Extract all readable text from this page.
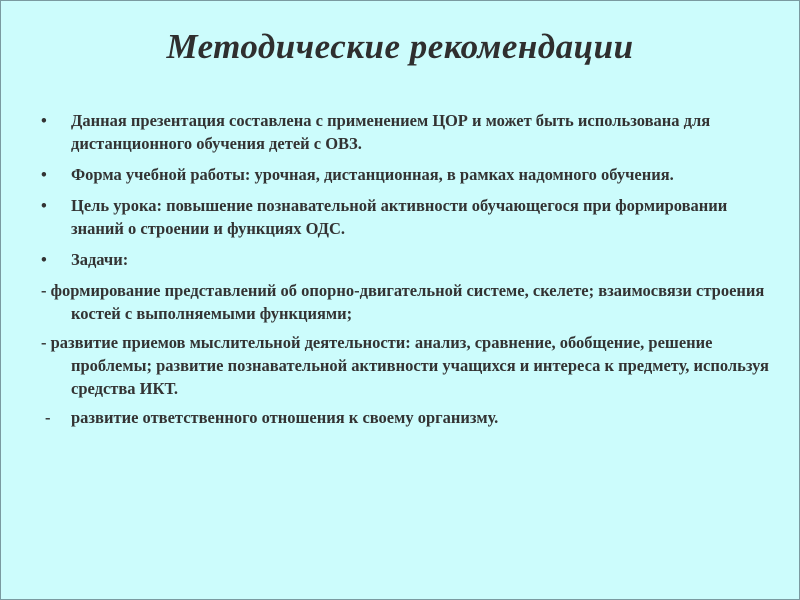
Методические рекомендации
•	Данная презентация составлена с применением ЦОР и может быть использована для дистанционного обучения детей с ОВЗ.
•	Форма учебной работы: урочная, дистанционная, в рамках надомного обучения.
•	Цель урока: повышение познавательной активности обучающегося при формировании знаний о строении и функциях ОДС.
•	Задачи:
- формирование представлений об опорно-двигательной системе, скелете; взаимосвязи строения костей с выполняемыми функциями;
- развитие приемов мыслительной деятельности: анализ, сравнение, обобщение, решение проблемы; развитие познавательной активности учащихся и интереса к предмету, используя средства ИКТ.
- развитие ответственного отношения к своему организму.
